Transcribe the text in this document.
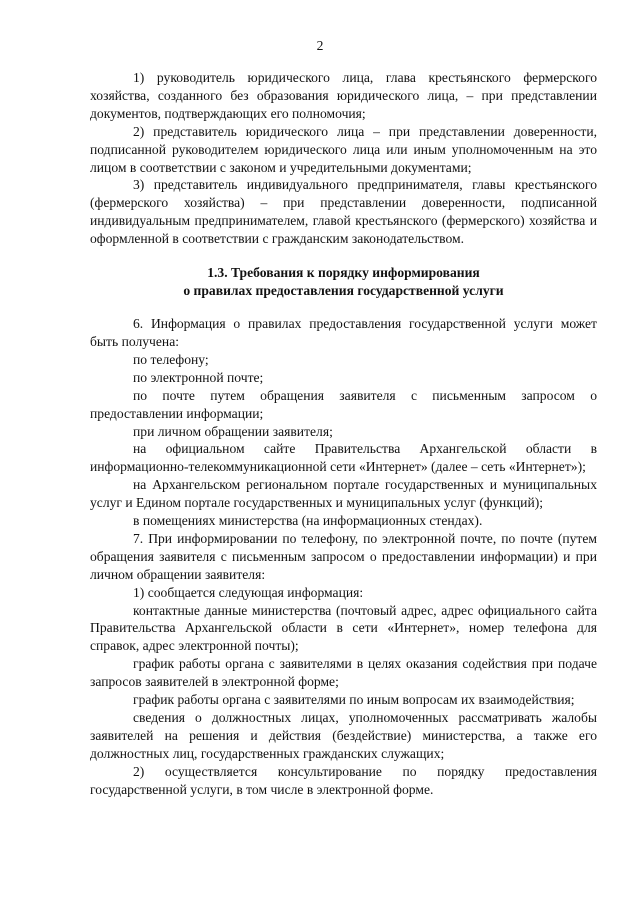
2

1) руководитель юридического лица, глава крестьянского фермерского хозяйства, созданного без образования юридического лица, – при представлении документов, подтверждающих его полномочия;

2) представитель юридического лица – при представлении доверенности, подписанной руководителем юридического лица или иным уполномоченным на это лицом в соответствии с законом и учредительными документами;

3) представитель индивидуального предпринимателя, главы крестьянского (фермерского хозяйства) – при представлении доверенности, подписанной индивидуальным предпринимателем, главой крестьянского (фермерского) хозяйства и оформленной в соответствии с гражданским законодательством.

1.3. Требования к порядку информирования
о правилах предоставления государственной услуги

6. Информация о правилах предоставления государственной услуги может быть получена:

по телефону;

по электронной почте;

по почте путем обращения заявителя с письменным запросом о предоставлении информации;

при личном обращении заявителя;

на официальном сайте Правительства Архангельской области в информационно-телекоммуникационной сети «Интернет» (далее – сеть «Интернет»);

на Архангельском региональном портале государственных и муниципальных услуг и Едином портале государственных и муниципальных услуг (функций);

в помещениях министерства (на информационных стендах).

7. При информировании по телефону, по электронной почте, по почте (путем обращения заявителя с письменным запросом о предоставлении информации) и при личном обращении заявителя:

1) сообщается следующая информация:

контактные данные министерства (почтовый адрес, адрес официального сайта Правительства Архангельской области в сети «Интернет», номер телефона для справок, адрес электронной почты);

график работы органа с заявителями в целях оказания содействия при подаче запросов заявителей в электронной форме;

график работы органа с заявителями по иным вопросам их взаимодействия;

сведения о должностных лицах, уполномоченных рассматривать жалобы заявителей на решения и действия (бездействие) министерства, а также его должностных лиц, государственных гражданских служащих;

2) осуществляется консультирование по порядку предоставления государственной услуги, в том числе в электронной форме.
